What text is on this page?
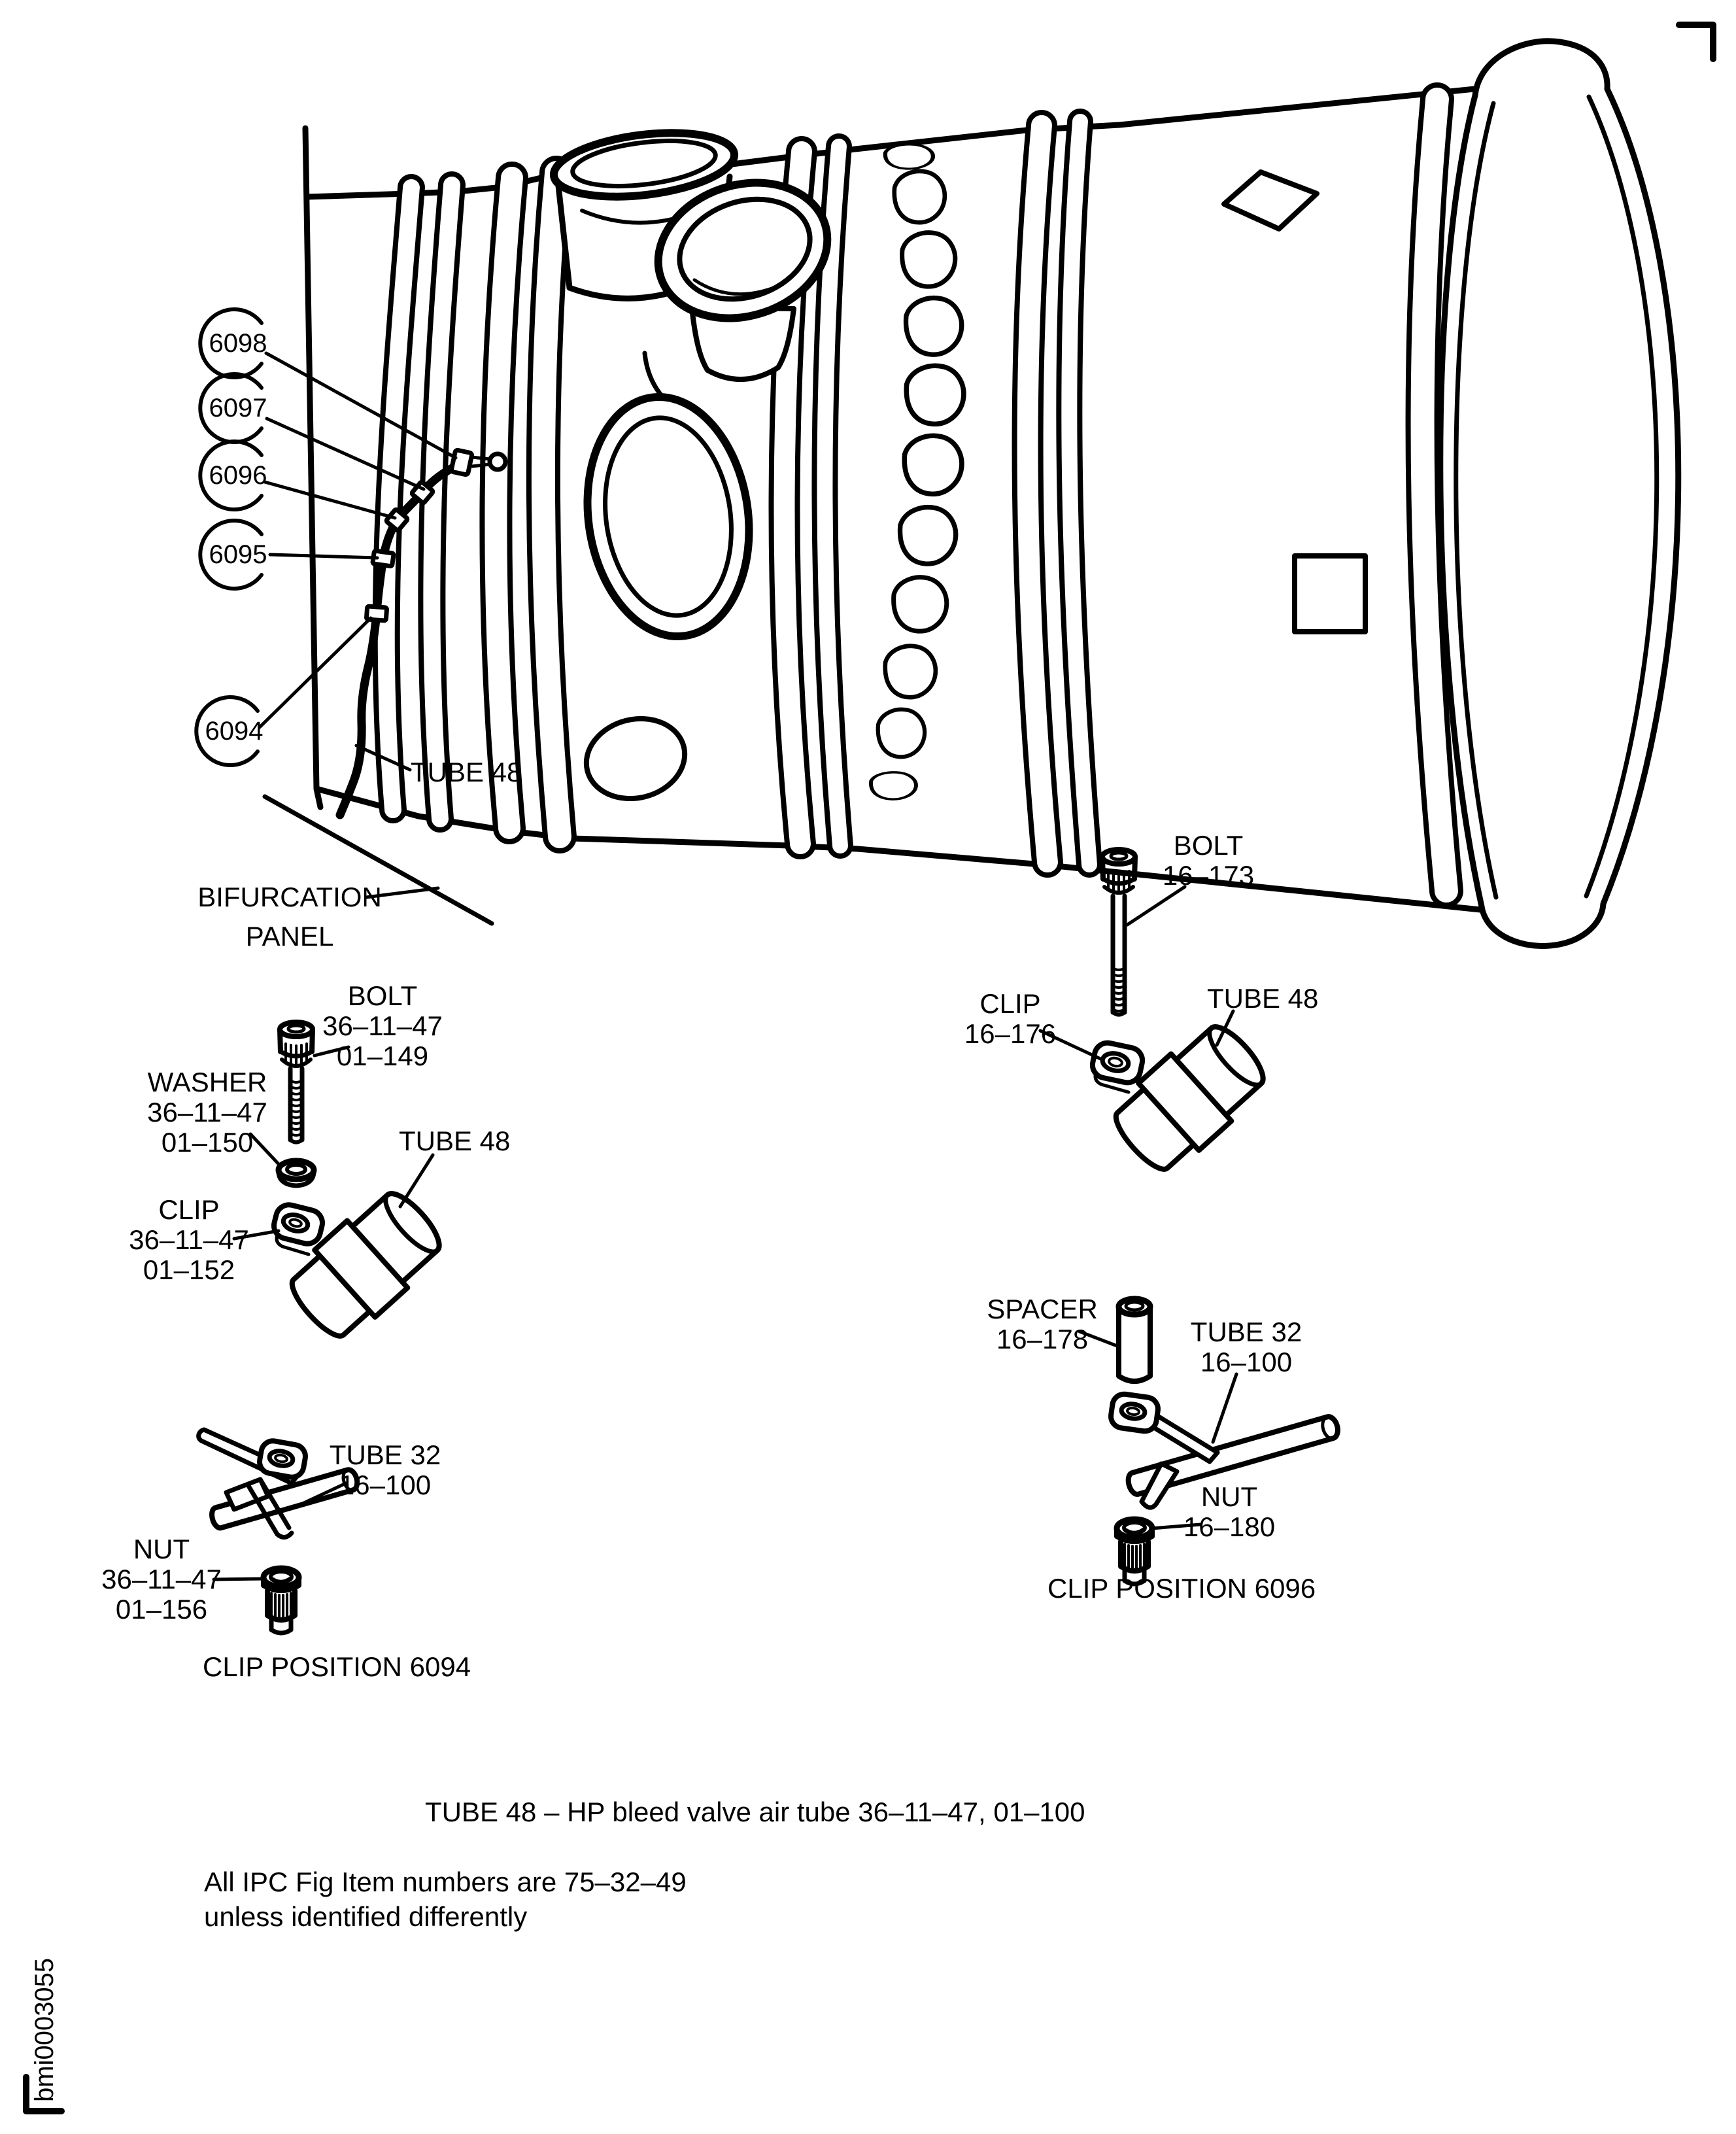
6098
6097
6096
6095
6094
TUBE 48
BIFURCATION
PANEL
BOLT
36–11–47
01–149
WASHER
36–11–47
01–150
CLIP
36–11–47
01–152
TUBE 48
TUBE 32
16–100
NUT
36–11–47
01–156
CLIP POSITION 6094
BOLT
16–173
CLIP
16–176
TUBE 48
SPACER
16–178	TUBE 32
16–100
NUT
16–180
CLIP POSITION 6096
TUBE 48 – HP bleed valve air tube 36–11–47, 01–100
All IPC Fig Item numbers are 75–32–49
unless identified differently
bmi0003055
